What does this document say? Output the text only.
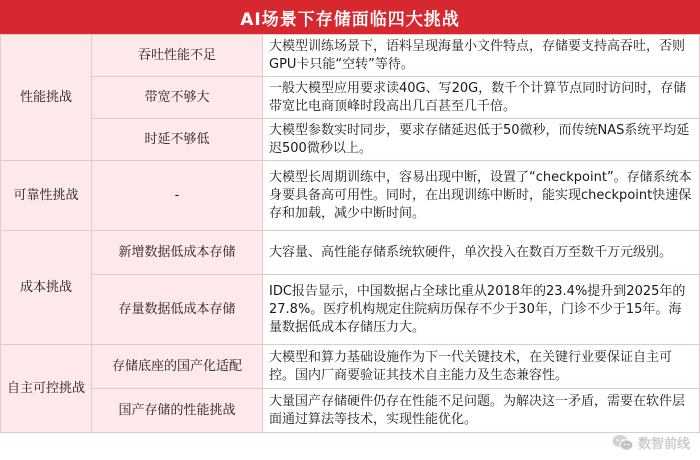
AI场景下存储面临四大挑战
性能挑战	吞吐性能不足	大模型训练场景下，语料呈现海量小文件特点，存储要支持高吞吐，否则GPU卡只能“空转”等待。
	带宽不够大	一般大模型应用要求读40G、写20G，数千个计算节点同时访问时，存储带宽比电商顶峰时段高出几百甚至几千倍。
	时延不够低	大模型参数实时同步，要求存储延迟低于50微秒，而传统NAS系统平均延迟500微秒以上。
可靠性挑战	-	大模型长周期训练中，容易出现中断，设置了“checkpoint”。存储系统本身要具备高可用性。同时，在出现训练中断时，能实现checkpoint快速保存和加载，减少中断时间。
成本挑战	新增数据低成本存储	大容量、高性能存储系统软硬件，单次投入在数百万至数千万元级别。
	存量数据低成本存储	IDC报告显示，中国数据占全球比重从2018年的23.4%提升到2025年的27.8%。医疗机构规定住院病历保存不少于30年，门诊不少于15年。海量数据低成本存储压力大。
自主可控挑战	存储底座的国产化适配	大模型和算力基础设施作为下一代关键技术，在关键行业要保证自主可控。国内厂商要验证其技术自主能力及生态兼容性。
	国产存储的性能挑战	大量国产存储硬件仍存在性能不足问题。为解决这一矛盾，需要在软件层面通过算法等技术，实现性能优化。
数智前线
